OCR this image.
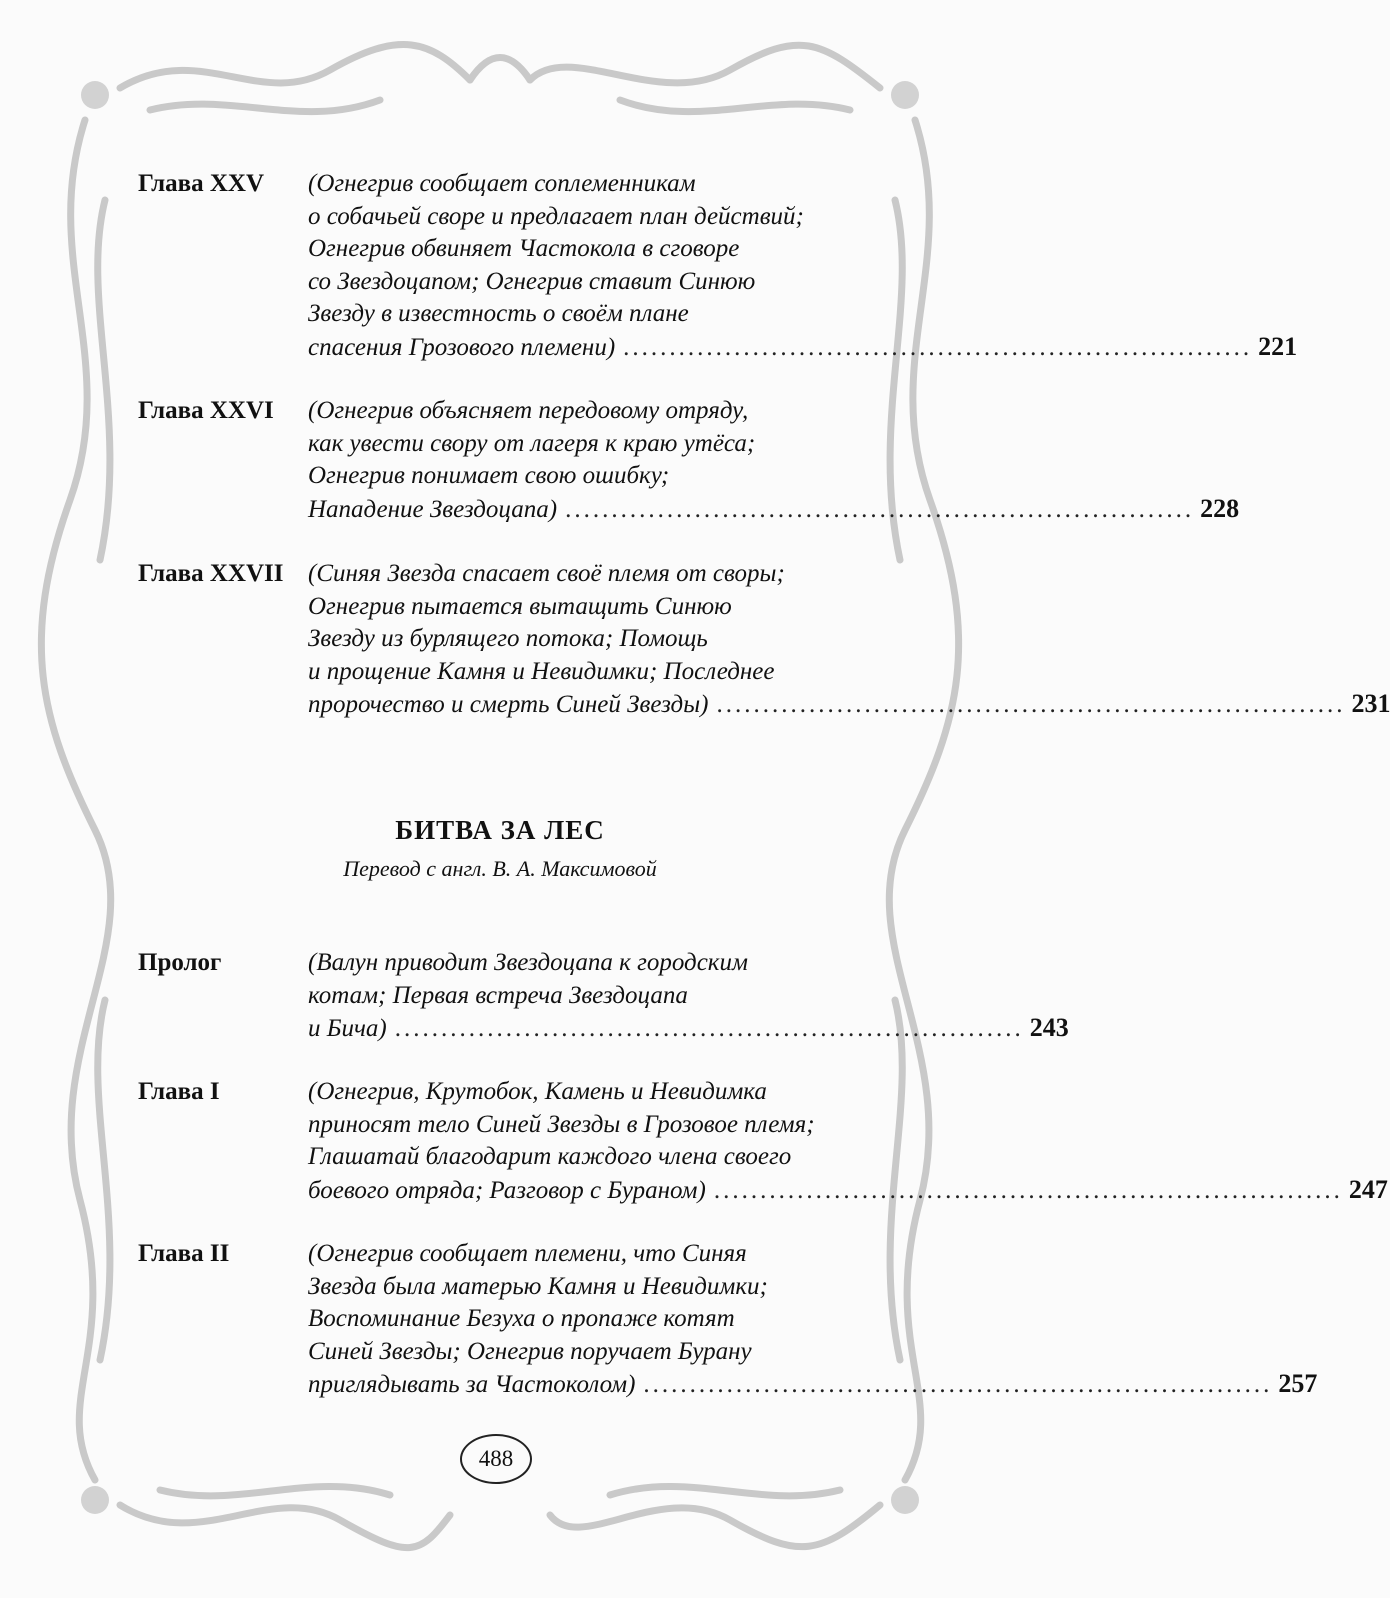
Глава XXV (Огнегрив сообщает соплеменникам
о собачьей своре и предлагает план действий;
Огнегрив обвиняет Частокола в сговоре
со Звездоцапом; Огнегрив ставит Синюю
Звезду в известность о своём плане
спасения Грозового племени) .................................................................... 221
Глава XXVI (Огнегрив объясняет передовому отряду,
как увести свору от лагеря к краю утёса;
Огнегрив понимает свою ошибку;
Нападение Звездоцапа) .................................................................... 228
Глава XXVII (Синяя Звезда спасает своё племя от своры;
Огнегрив пытается вытащить Синюю
Звезду из бурлящего потока; Помощь
и прощение Камня и Невидимки; Последнее
пророчество и смерть Синей Звезды) .................................................................... 231
БИТВА ЗА ЛЕС
Перевод с англ. В. А. Максимовой
Пролог	(Валун приводит Звездоцапа к городским
котам; Первая встреча Звездоцапа
и Бича) .................................................................... 243
Глава I	(Огнегрив, Крутобок, Камень и Невидимка
приносят тело Синей Звезды в Грозовое племя;
Глашатай благодарит каждого члена своего
боевого отряда; Разговор с Бураном) .................................................................... 247
Глава II	(Огнегрив сообщает племени, что Синяя
Звезда была матерью Камня и Невидимки;
Воспоминание Безуха о пропаже котят
Синей Звезды; Огнегрив поручает Бурану
приглядывать за Частоколом) .................................................................... 257
488
